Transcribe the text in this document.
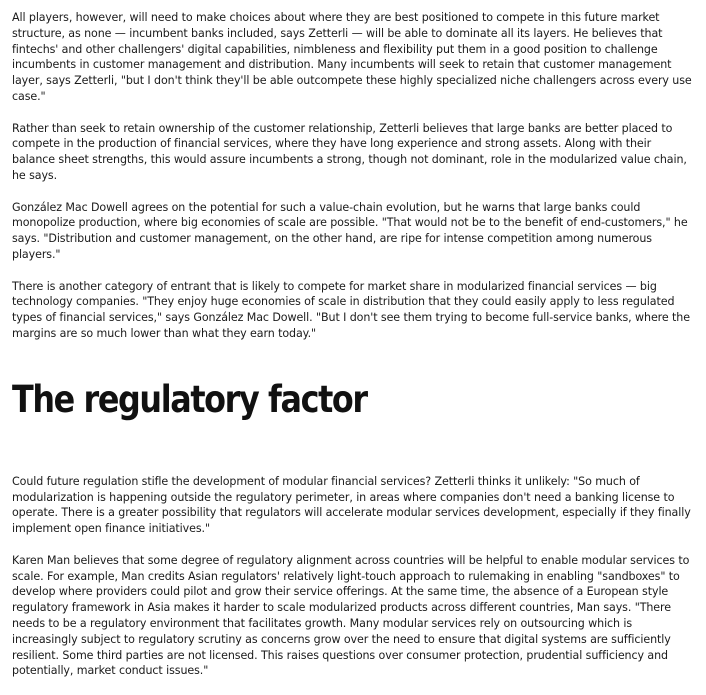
All players, however, will need to make choices about where they are best positioned to compete in this future market structure, as none — incumbent banks included, says Zetterli — will be able to dominate all its layers. He believes that fintechs' and other challengers' digital capabilities, nimbleness and flexibility put them in a good position to challenge incumbents in customer management and distribution. Many incumbents will seek to retain that customer management layer, says Zetterli, "but I don't think they'll be able outcompete these highly specialized niche challengers across every use case."

Rather than seek to retain ownership of the customer relationship, Zetterli believes that large banks are better placed to compete in the production of financial services, where they have long experience and strong assets. Along with their balance sheet strengths, this would assure incumbents a strong, though not dominant, role in the modularized value chain, he says.

González Mac Dowell agrees on the potential for such a value-chain evolution, but he warns that large banks could monopolize production, where big economies of scale are possible. "That would not be to the benefit of end-customers," he says. "Distribution and customer management, on the other hand, are ripe for intense competition among numerous players."

There is another category of entrant that is likely to compete for market share in modularized financial services — big technology companies. "They enjoy huge economies of scale in distribution that they could easily apply to less regulated types of financial services," says González Mac Dowell. "But I don't see them trying to become full-service banks, where the margins are so much lower than what they earn today."

The regulatory factor

Could future regulation stifle the development of modular financial services? Zetterli thinks it unlikely: "So much of modularization is happening outside the regulatory perimeter, in areas where companies don't need a banking license to operate. There is a greater possibility that regulators will accelerate modular services development, especially if they finally implement open finance initiatives."

Karen Man believes that some degree of regulatory alignment across countries will be helpful to enable modular services to scale. For example, Man credits Asian regulators' relatively light-touch approach to rulemaking in enabling "sandboxes" to develop where providers could pilot and grow their service offerings. At the same time, the absence of a European style regulatory framework in Asia makes it harder to scale modularized products across different countries, Man says. "There needs to be a regulatory environment that facilitates growth. Many modular services rely on outsourcing which is increasingly subject to regulatory scrutiny as concerns grow over the need to ensure that digital systems are sufficiently resilient. Some third parties are not licensed. This raises questions over consumer protection, prudential sufficiency and potentially, market conduct issues."
